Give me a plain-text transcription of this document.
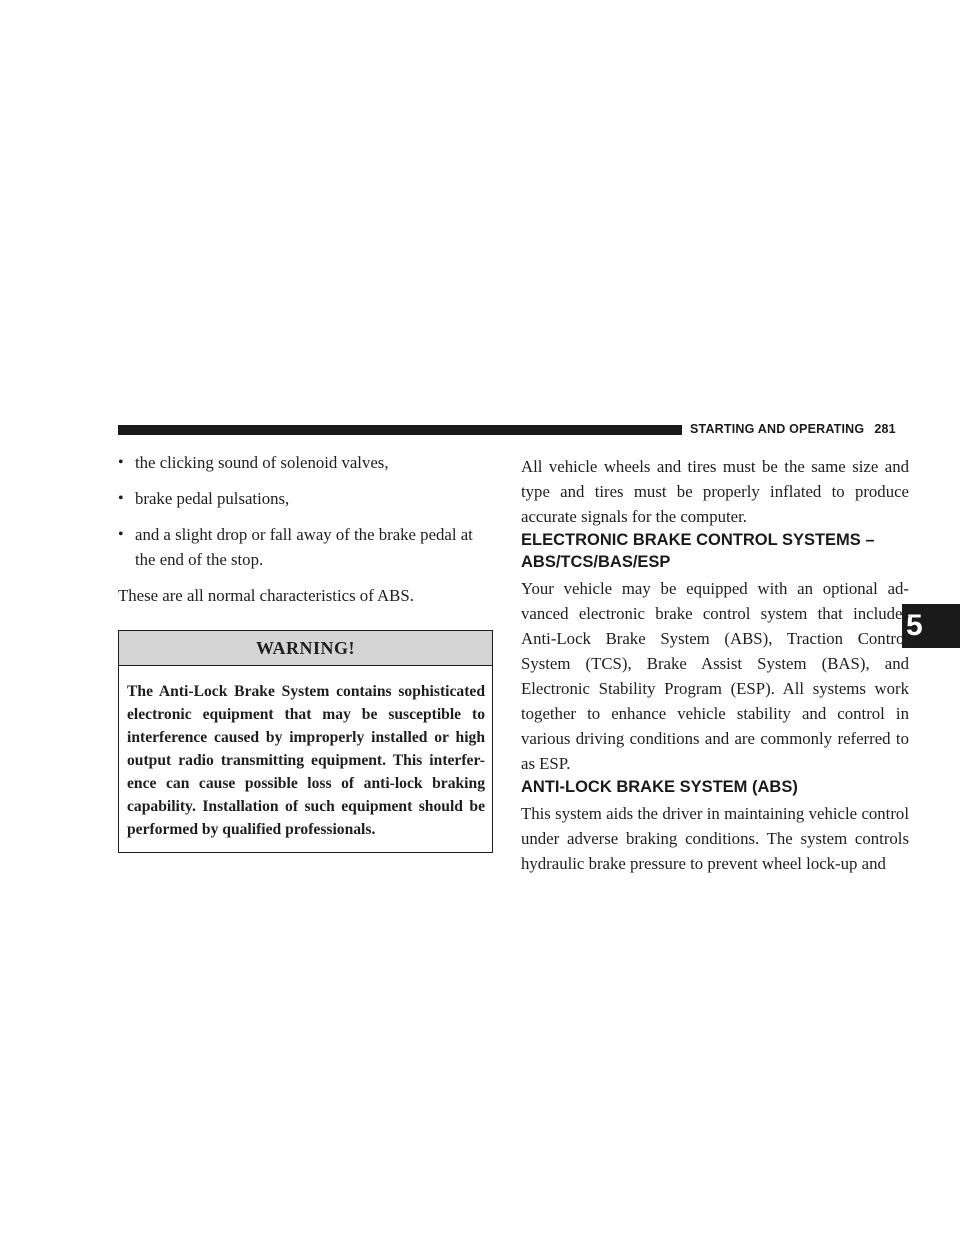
STARTING AND OPERATING 281
5
• the clicking sound of solenoid valves,
• brake pedal pulsations,
• and a slight drop or fall away of the brake pedal at the end of the stop.

These are all normal characteristics of ABS.

WARNING!
The Anti-Lock Brake System contains sophisticated electronic equipment that may be susceptible to interference caused by improperly installed or high output radio transmitting equipment. This interfer-ence can cause possible loss of anti-lock braking capability. Installation of such equipment should be performed by qualified professionals.

All vehicle wheels and tires must be the same size and type and tires must be properly inflated to produce accurate signals for the computer.

ELECTRONIC BRAKE CONTROL SYSTEMS –
ABS/TCS/BAS/ESP

Your vehicle may be equipped with an optional ad-vanced electronic brake control system that includes Anti-Lock Brake System (ABS), Traction Control System (TCS), Brake Assist System (BAS), and Electronic Stability Program (ESP). All systems work together to enhance vehicle stability and control in various driving conditions and are commonly referred to as ESP.

ANTI-LOCK BRAKE SYSTEM (ABS)

This system aids the driver in maintaining vehicle control under adverse braking conditions. The system controls hydraulic brake pressure to prevent wheel lock-up and
